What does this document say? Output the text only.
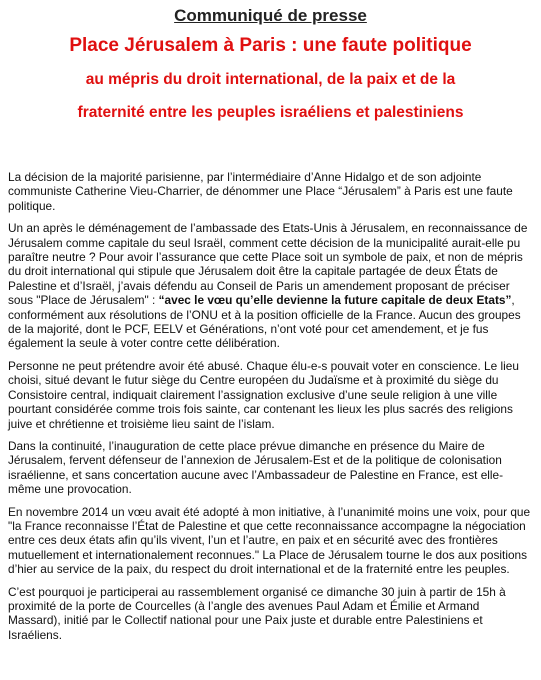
Communiqué de presse
Place Jérusalem à Paris : une faute politique
au mépris du droit international, de la paix et de la
fraternité entre les peuples israéliens et palestiniens

La décision de la majorité parisienne, par l’intermédiaire d’Anne Hidalgo et de son adjointe communiste Catherine Vieu-Charrier, de dénommer une Place “Jérusalem” à Paris est une faute politique.

Un an après le déménagement de l’ambassade des Etats-Unis à Jérusalem, en reconnaissance de Jérusalem comme capitale du seul Israël, comment cette décision de la municipalité aurait-elle pu paraître neutre ? Pour avoir l’assurance que cette Place soit un symbole de paix, et non de mépris du droit international qui stipule que Jérusalem doit être la capitale partagée de deux États de Palestine et d’Israël, j’avais défendu au Conseil de Paris un amendement proposant de préciser sous "Place de Jérusalem" : “avec le vœu qu’elle devienne la future capitale de deux Etats”, conformément aux résolutions de l’ONU et à la position officielle de la France. Aucun des groupes de la majorité, dont le PCF, EELV et Générations, n’ont voté pour cet amendement, et je fus également la seule à voter contre cette délibération.

Personne ne peut prétendre avoir été abusé. Chaque élu-e-s pouvait voter en conscience. Le lieu choisi, situé devant le futur siège du Centre européen du Judaïsme et à proximité du siège du Consistoire central, indiquait clairement l’assignation exclusive d’une seule religion à une ville pourtant considérée comme trois fois sainte, car contenant les lieux les plus sacrés des religions juive et chrétienne et troisième lieu saint de l’islam.

Dans la continuité, l’inauguration de cette place prévue dimanche en présence du Maire de Jérusalem, fervent défenseur de l’annexion de Jérusalem-Est et de la politique de colonisation israélienne, et sans concertation aucune avec l’Ambassadeur de Palestine en France, est elle-même une provocation.

En novembre 2014 un vœu avait été adopté à mon initiative, à l’unanimité moins une voix, pour que "la France reconnaisse l’État de Palestine et que cette reconnaissance accompagne la négociation entre ces deux états afin qu’ils vivent, l’un et l’autre, en paix et en sécurité avec des frontières mutuellement et internationalement reconnues." La Place de Jérusalem tourne le dos aux positions d’hier au service de la paix, du respect du droit international et de la fraternité entre les peuples.

C’est pourquoi je participerai au rassemblement organisé ce dimanche 30 juin à partir de 15h à proximité de la porte de Courcelles (à l’angle des avenues Paul Adam et Émilie et Armand Massard), initié par le Collectif national pour une Paix juste et durable entre Palestiniens et Israéliens.
